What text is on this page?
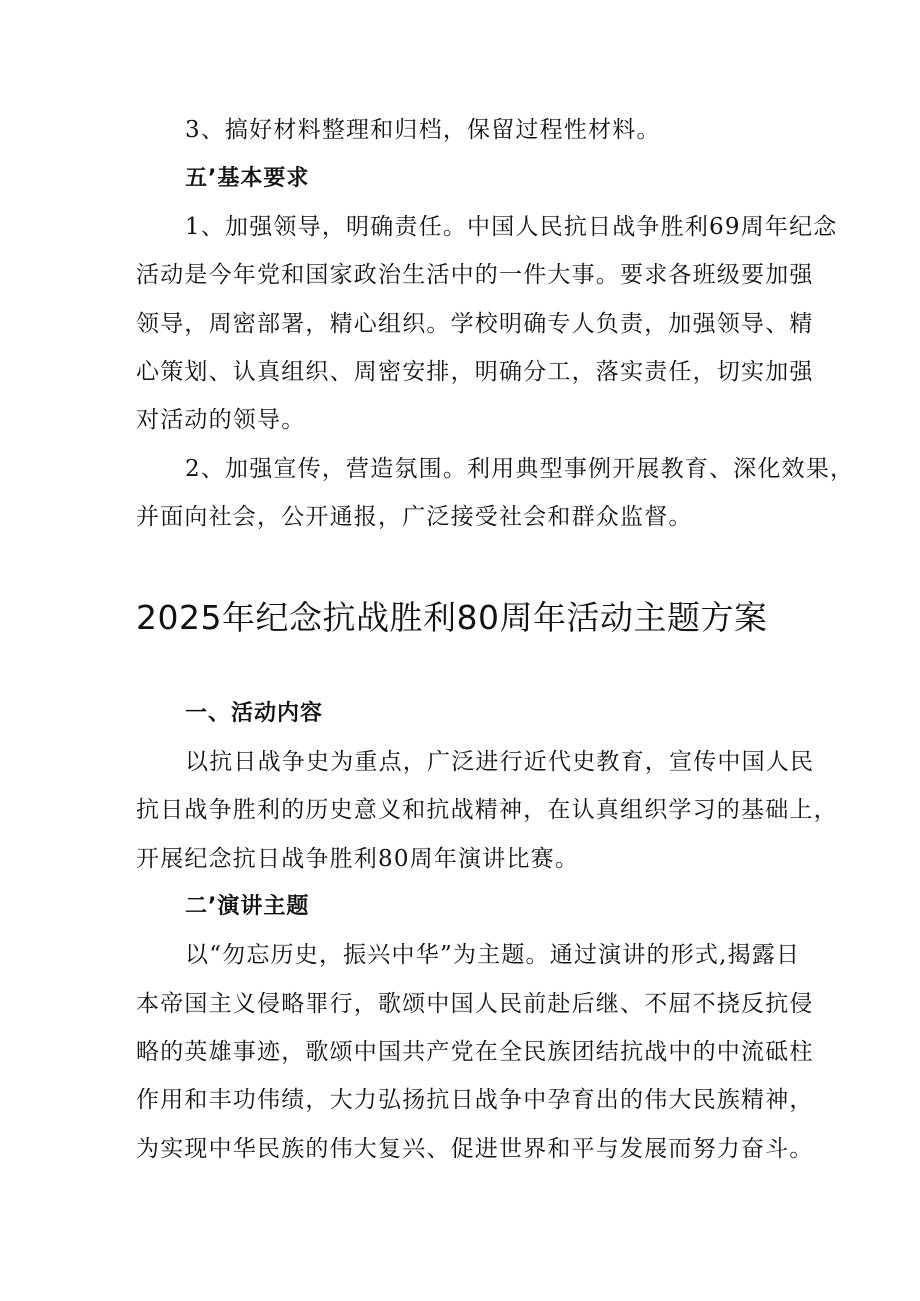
3、搞好材料整理和归档，保留过程性材料。
五’基本要求
1、加强领导，明确责任。中国人民抗日战争胜利69周年纪念
活动是今年党和国家政治生活中的一件大事。要求各班级要加强
领导，周密部署，精心组织。学校明确专人负责，加强领导、精
心策划、认真组织、周密安排，明确分工，落实责任，切实加强
对活动的领导。
2、加强宣传，营造氛围。利用典型事例开展教育、深化效果，
并面向社会，公开通报，广泛接受社会和群众监督。
2025年纪念抗战胜利80周年活动主题方案
一、活动内容
以抗日战争史为重点，广泛进行近代史教育，宣传中国人民
抗日战争胜利的历史意义和抗战精神，在认真组织学习的基础上，
开展纪念抗日战争胜利80周年演讲比赛。
二’演讲主题
以“勿忘历史，振兴中华”为主题。通过演讲的形式,揭露日
本帝国主义侵略罪行，歌颂中国人民前赴后继、不屈不挠反抗侵
略的英雄事迹，歌颂中国共产党在全民族团结抗战中的中流砥柱
作用和丰功伟绩，大力弘扬抗日战争中孕育出的伟大民族精神，
为实现中华民族的伟大复兴、促进世界和平与发展而努力奋斗。
